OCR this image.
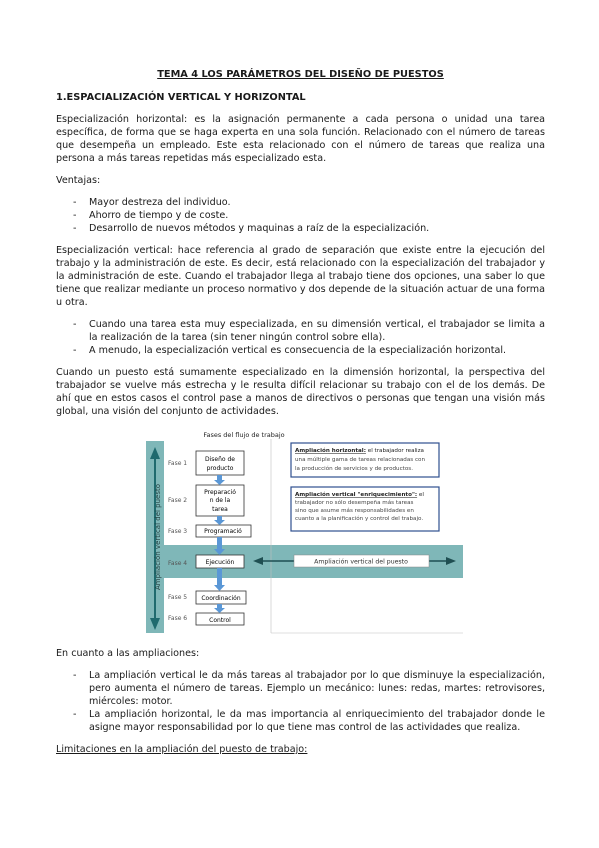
TEMA 4 LOS PARÁMETROS DEL DISEÑO DE PUESTOS
1.ESPACIALIZACIÓN VERTICAL Y HORIZONTAL

Especialización horizontal: es la asignación permanente a cada persona o unidad una tarea específica, de forma que se haga experta en una sola función. Relacionado con el número de tareas que desempeña un empleado. Este esta relacionado con el número de tareas que realiza una persona a más tareas repetidas más especializado esta.

Ventajas:

- Mayor destreza del individuo.
- Ahorro de tiempo y de coste.
- Desarrollo de nuevos métodos y maquinas a raíz de la especialización.

Especialización vertical: hace referencia al grado de separación que existe entre la ejecución del trabajo y la administración de este. Es decir, está relacionado con la especialización del trabajador y la administración de este. Cuando el trabajador llega al trabajo tiene dos opciones, una saber lo que tiene que realizar mediante un proceso normativo y dos depende de la situación actuar de una forma u otra.

- Cuando una tarea esta muy especializada, en su dimensión vertical, el trabajador se limita a la realización de la tarea (sin tener ningún control sobre ella).
- A menudo, la especialización vertical es consecuencia de la especialización horizontal.

Cuando un puesto está sumamente especializado en la dimensión horizontal, la perspectiva del trabajador se vuelve más estrecha y le resulta difícil relacionar su trabajo con el de los demás. De ahí que en estos casos el control pase a manos de directivos o personas que tengan una visión más global, una visión del conjunto de actividades.

Ampliación vertical del puesto
Fases del flujo de trabajo
Fase 1
Fase 2
Fase 3
Fase 4
Fase 5
Fase 6
Diseño de
producto
Preparació
n de la
tarea
Programació
Ejecución
Coordinación
Control
Ampliación vertical del puesto
Ampliación horizontal: el trabajador realiza
una múltiple gama de tareas relacionadas con
la producción de servicios y de productos.
Ampliación vertical "enriquecimiento": el
trabajador no sólo desempeña más tareas
sino que asume más responsabilidades en
cuanto a la planificación y control del trabajo.

En cuanto a las ampliaciones:

- La ampliación vertical le da más tareas al trabajador por lo que disminuye la especialización, pero aumenta el número de tareas. Ejemplo un mecánico: lunes: redas, martes: retrovisores, miércoles: motor.
- La ampliación horizontal, le da mas importancia al enriquecimiento del trabajador donde le asigne mayor responsabilidad por lo que tiene mas control de las actividades que realiza.

Limitaciones en la ampliación del puesto de trabajo:
